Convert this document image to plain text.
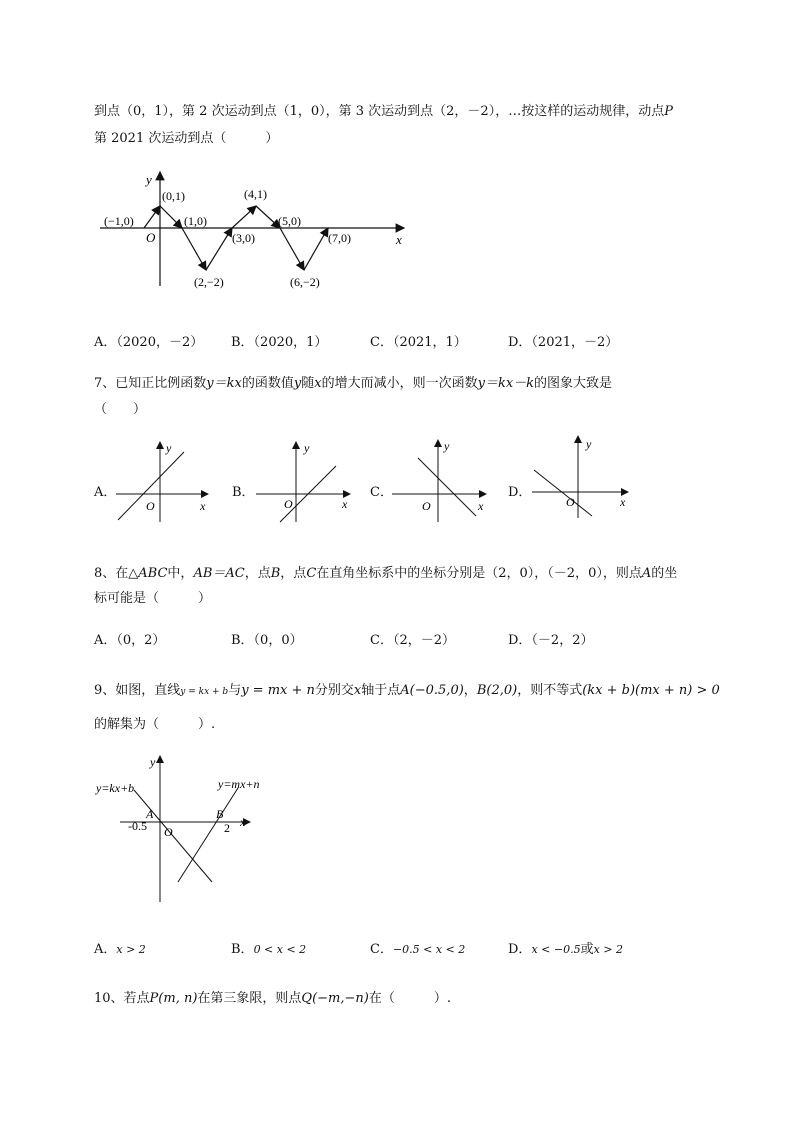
到点（0，1），第 2 次运动到点（1，0），第 3 次运动到点（2，－2），…按这样的运动规律，动点P
第 2021 次运动到点（　　　）
y
x
O
(−1,0)
(0,1)
(1,0)
(2,−2)
(3,0)
(4,1)
(5,0)
(6,−2)
(7,0)
A．（2020，－2） B．（2020，1）	C．（2021，1）	D．（2021，－2）
7、已知正比例函数y＝kx的函数值y随x的增大而减小，则一次函数y＝kx－k的图象大致是
（　　）
A．
y
x
O
B．
y
x
O
C．
y
x
O
D．
y
x
O
8、在△ABC中，AB＝AC，点B，点C在直角坐标系中的坐标分别是（2，0），（－2，0），则点A的坐
标可能是（　　　）
A．（0，2）	B．（0，0）	C．（2，－2）	D．（－2，2）
9、如图，直线y = kx + b与y = mx + n分别交x轴于点A(−0.5,0)，B(2,0)，则不等式(kx + b)(mx + n) > 0
的解集为（　　　）.
y
x
O
y=kx+b	y=mx+n
A	B
-0.5	2
A．x > 2	B．0 < x < 2	C．−0.5 < x < 2	D．x < −0.5或x > 2
10、若点P(m, n)在第三象限，则点Q(−m,−n)在（　　　）.
